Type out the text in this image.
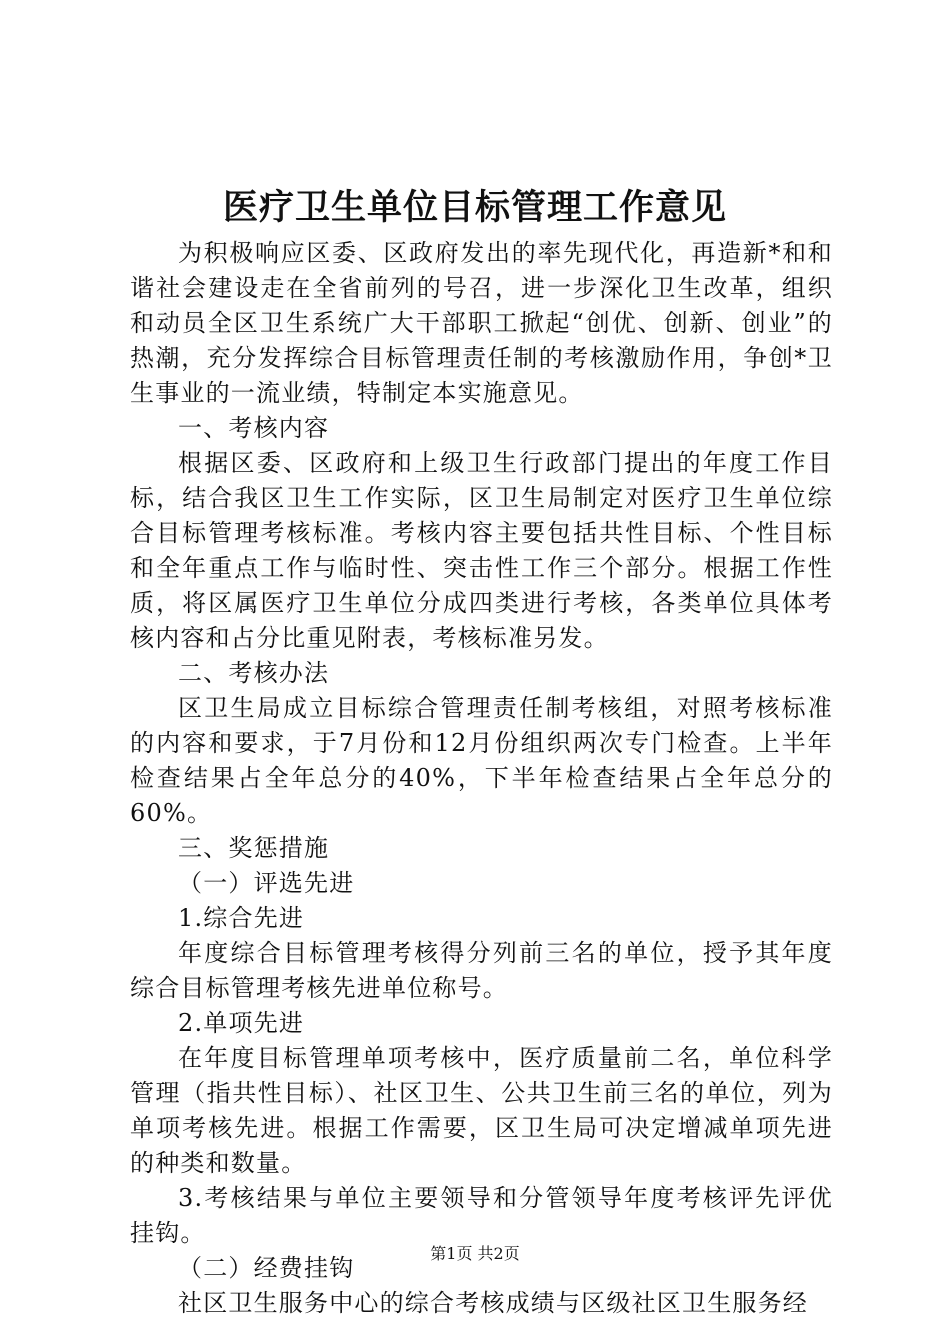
医疗卫生单位目标管理工作意见

为积极响应区委、区政府发出的率先现代化，再造新*和和谐社会建设走在全省前列的号召，进一步深化卫生改革，组织和动员全区卫生系统广大干部职工掀起“创优、创新、创业”的热潮，充分发挥综合目标管理责任制的考核激励作用，争创*卫生事业的一流业绩，特制定本实施意见。

一、考核内容

根据区委、区政府和上级卫生行政部门提出的年度工作目标，结合我区卫生工作实际，区卫生局制定对医疗卫生单位综合目标管理考核标准。考核内容主要包括共性目标、个性目标和全年重点工作与临时性、突击性工作三个部分。根据工作性质，将区属医疗卫生单位分成四类进行考核，各类单位具体考核内容和占分比重见附表，考核标准另发。

二、考核办法

区卫生局成立目标综合管理责任制考核组，对照考核标准的内容和要求，于7月份和12月份组织两次专门检查。上半年检查结果占全年总分的40%，下半年检查结果占全年总分的60%。

三、奖惩措施

（一）评选先进

1.综合先进

年度综合目标管理考核得分列前三名的单位，授予其年度综合目标管理考核先进单位称号。

2.单项先进

在年度目标管理单项考核中，医疗质量前二名，单位科学管理（指共性目标）、社区卫生、公共卫生前三名的单位，列为单项考核先进。根据工作需要，区卫生局可决定增减单项先进的种类和数量。

3.考核结果与单位主要领导和分管领导年度考核评先评优挂钩。

（二）经费挂钩

社区卫生服务中心的综合考核成绩与区级社区卫生服务经

第1页 共2页
